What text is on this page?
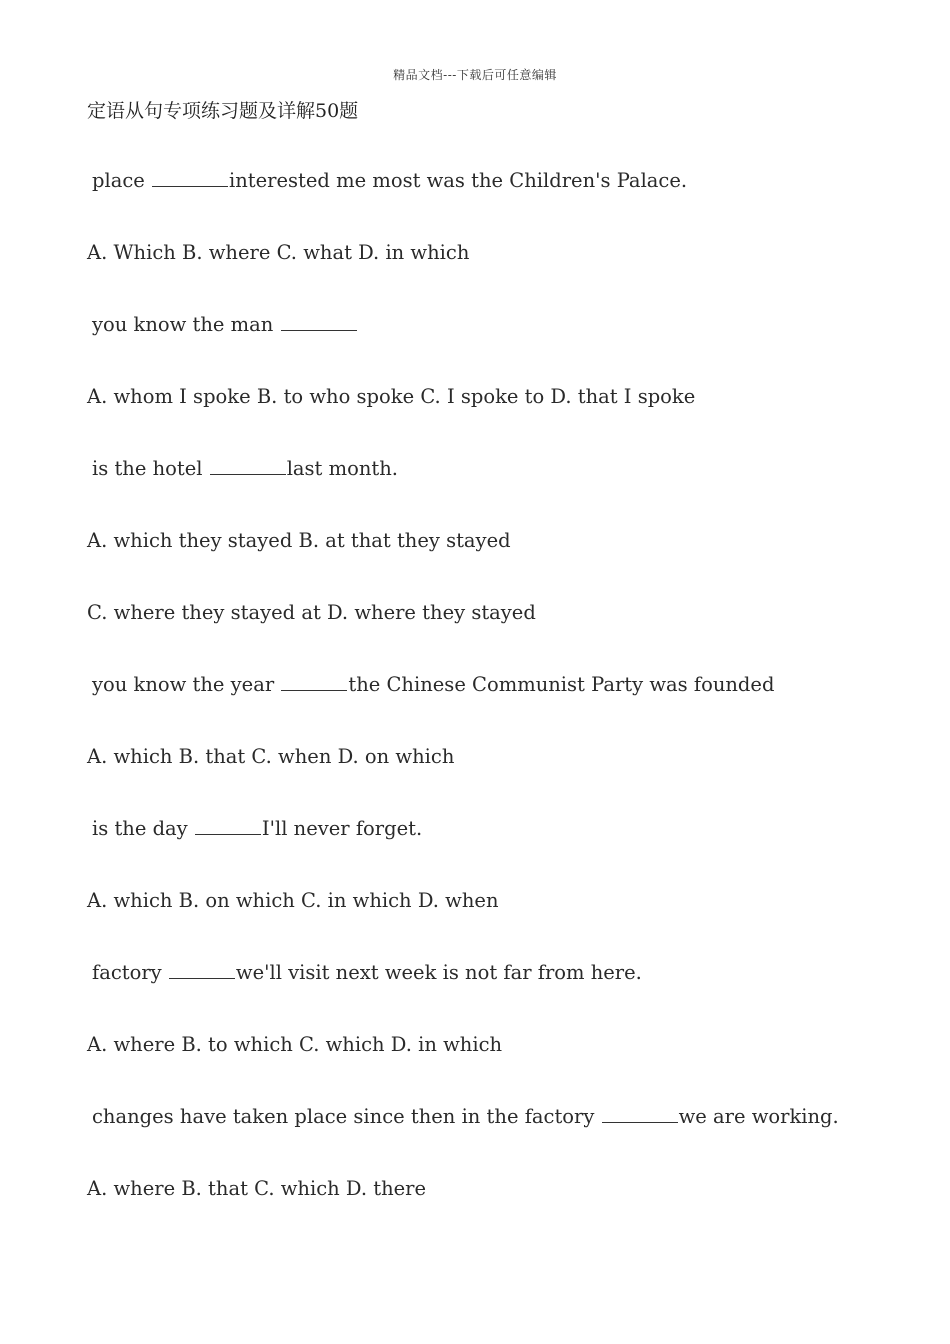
精品文档---下载后可任意编辑
定语从句专项练习题及详解50题
place	interested me most was the Children's Palace.
A. Which B. where C. what D. in which
you know the man
A. whom I spoke B. to who spoke C. I spoke to D. that I spoke
is the hotel	last month.
A. which they stayed B. at that they stayed
C. where they stayed at D. where they stayed
you know the year	the Chinese Communist Party was founded
A. which B. that C. when D. on which
is the day	I'll never forget.
A. which B. on which C. in which D. when
factory	we'll visit next week is not far from here.
A. where B. to which C. which D. in which
changes have taken place since then in the factory	we are working.
A. where B. that C. which D. there
